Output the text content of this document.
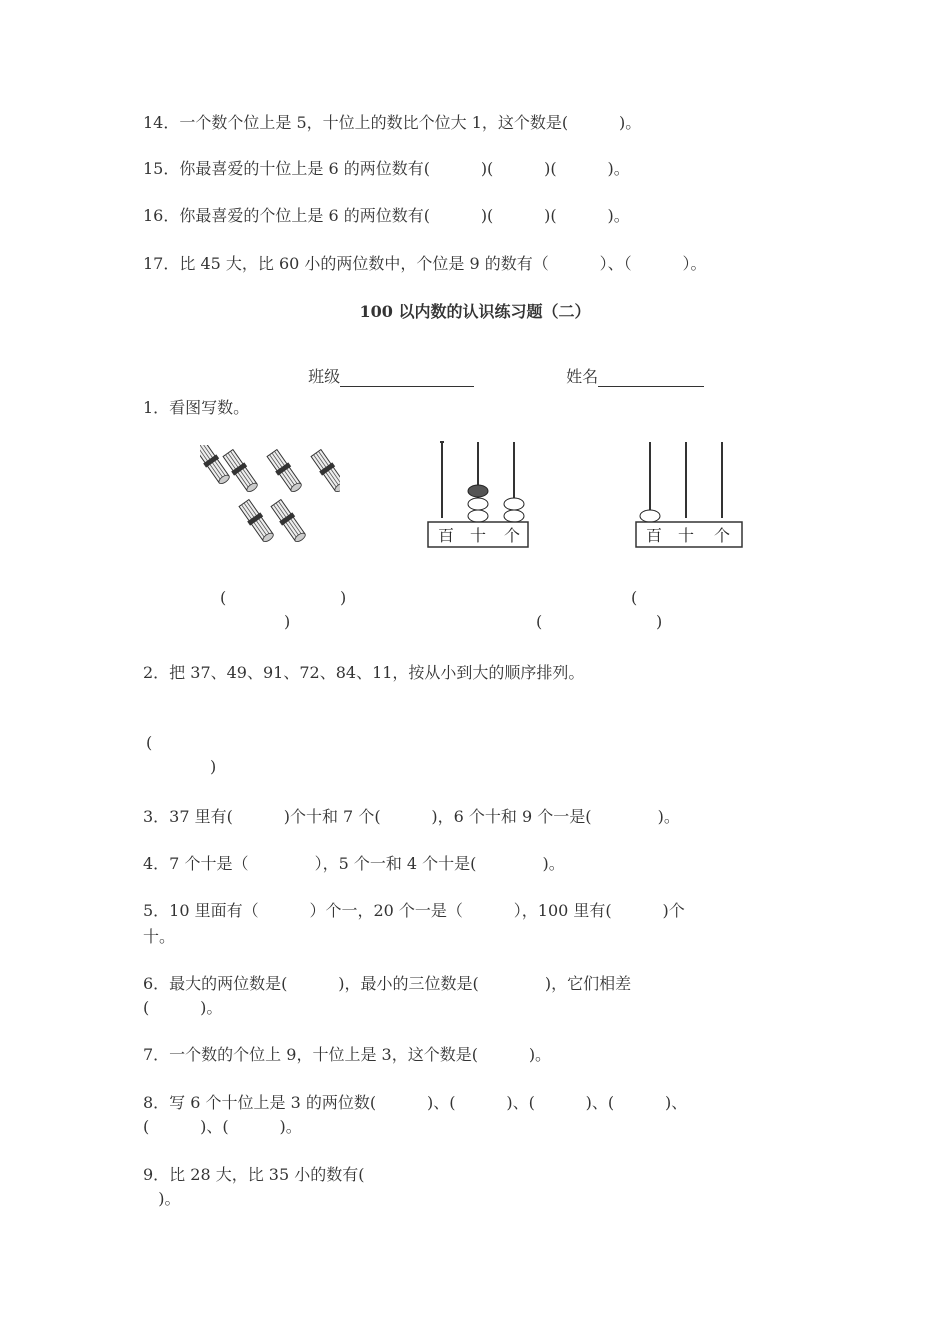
14．一个数个位上是 5，十位上的数比个位大 1，这个数是(          )。
15．你最喜爱的十位上是 6 的两位数有(          )(          )(          )。
16．你最喜爱的个位上是 6 的两位数有(          )(          )(          )。
17．比 45 大，比 60 小的两位数中，个位是 9 的数有（          ）、（          ）。
100 以内数的认识练习题（二）

班级	姓名

1．看图写数。
百 十 个	百 十 个
(	)
)
(
(	)
2．把 37、49、91、72、84、11，按从小到大的顺序排列。
(
)
3．37 里有(          )个十和 7 个(          )，6 个十和 9 个一是(             )。
4．7 个十是（             ），5 个一和 4 个十是(             )。
5．10 里面有（          ）个一，20 个一是（          ），100 里有(          )个
十。
6．最大的两位数是(          )，最小的三位数是(             )，它们相差
(          )。
7．一个数的个位上 9，十位上是 3，这个数是(          )。
8．写 6 个十位上是 3 的两位数(          )、(          )、(          )、(          )、
(          )、(          )。
9．比 28 大，比 35 小的数有(
)。
